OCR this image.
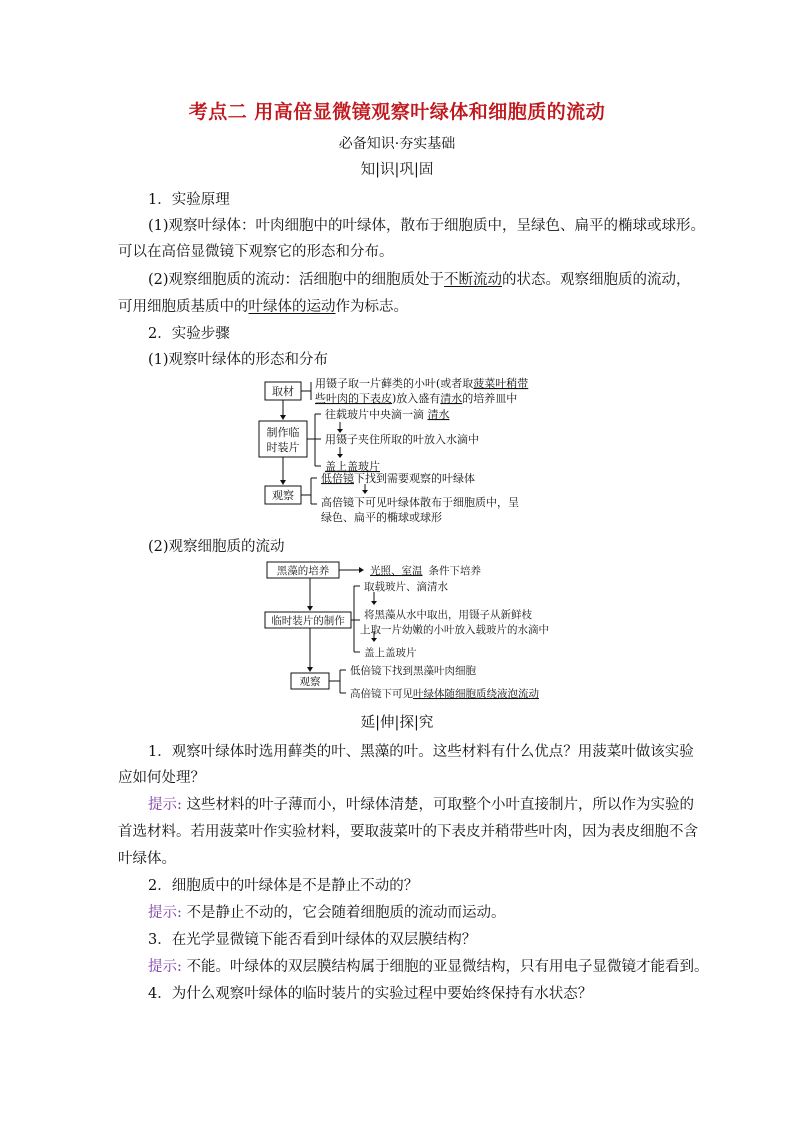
考点二 用高倍显微镜观察叶绿体和细胞质的流动
必备知识·夯实基础
知|识|巩|固
1．实验原理
(1)观察叶绿体：叶肉细胞中的叶绿体，散布于细胞质中，呈绿色、扁平的椭球或球形。
可以在高倍显微镜下观察它的形态和分布。
(2)观察细胞质的流动：活细胞中的细胞质处于不断流动的状态。观察细胞质的流动，
可用细胞质基质中的叶绿体的运动作为标志。
2．实验步骤
(1)观察叶绿体的形态和分布
取材
制作临
时装片
观察
用镊子取一片藓类的小叶(或者取菠菜叶稍带
些叶肉的下表皮)放入盛有清水的培养皿中
往载玻片中央滴一滴 清水
用镊子夹住所取的叶放入水滴中
盖上盖玻片
低倍镜下找到需要观察的叶绿体
高倍镜下可见叶绿体散布于细胞质中，呈
绿色、扁平的椭球或球形
(2)观察细胞质的流动
黑藻的培养
临时装片的制作
观察
光照、室温 条件下培养
取载玻片、滴清水
将黑藻从水中取出，用镊子从新鲜枝
上取一片幼嫩的小叶放入载玻片的水滴中
盖上盖玻片
低倍镜下找到黑藻叶肉细胞
高倍镜下可见叶绿体随细胞质绕液泡流动
延|伸|探|究
1．观察叶绿体时选用藓类的叶、黑藻的叶。这些材料有什么优点？用菠菜叶做该实验
应如何处理？
提示: 这些材料的叶子薄而小，叶绿体清楚，可取整个小叶直接制片，所以作为实验的
首选材料。若用菠菜叶作实验材料，要取菠菜叶的下表皮并稍带些叶肉，因为表皮细胞不含
叶绿体。
2．细胞质中的叶绿体是不是静止不动的？
提示: 不是静止不动的，它会随着细胞质的流动而运动。
3．在光学显微镜下能否看到叶绿体的双层膜结构？
提示: 不能。叶绿体的双层膜结构属于细胞的亚显微结构，只有用电子显微镜才能看到。
4．为什么观察叶绿体的临时装片的实验过程中要始终保持有水状态？
